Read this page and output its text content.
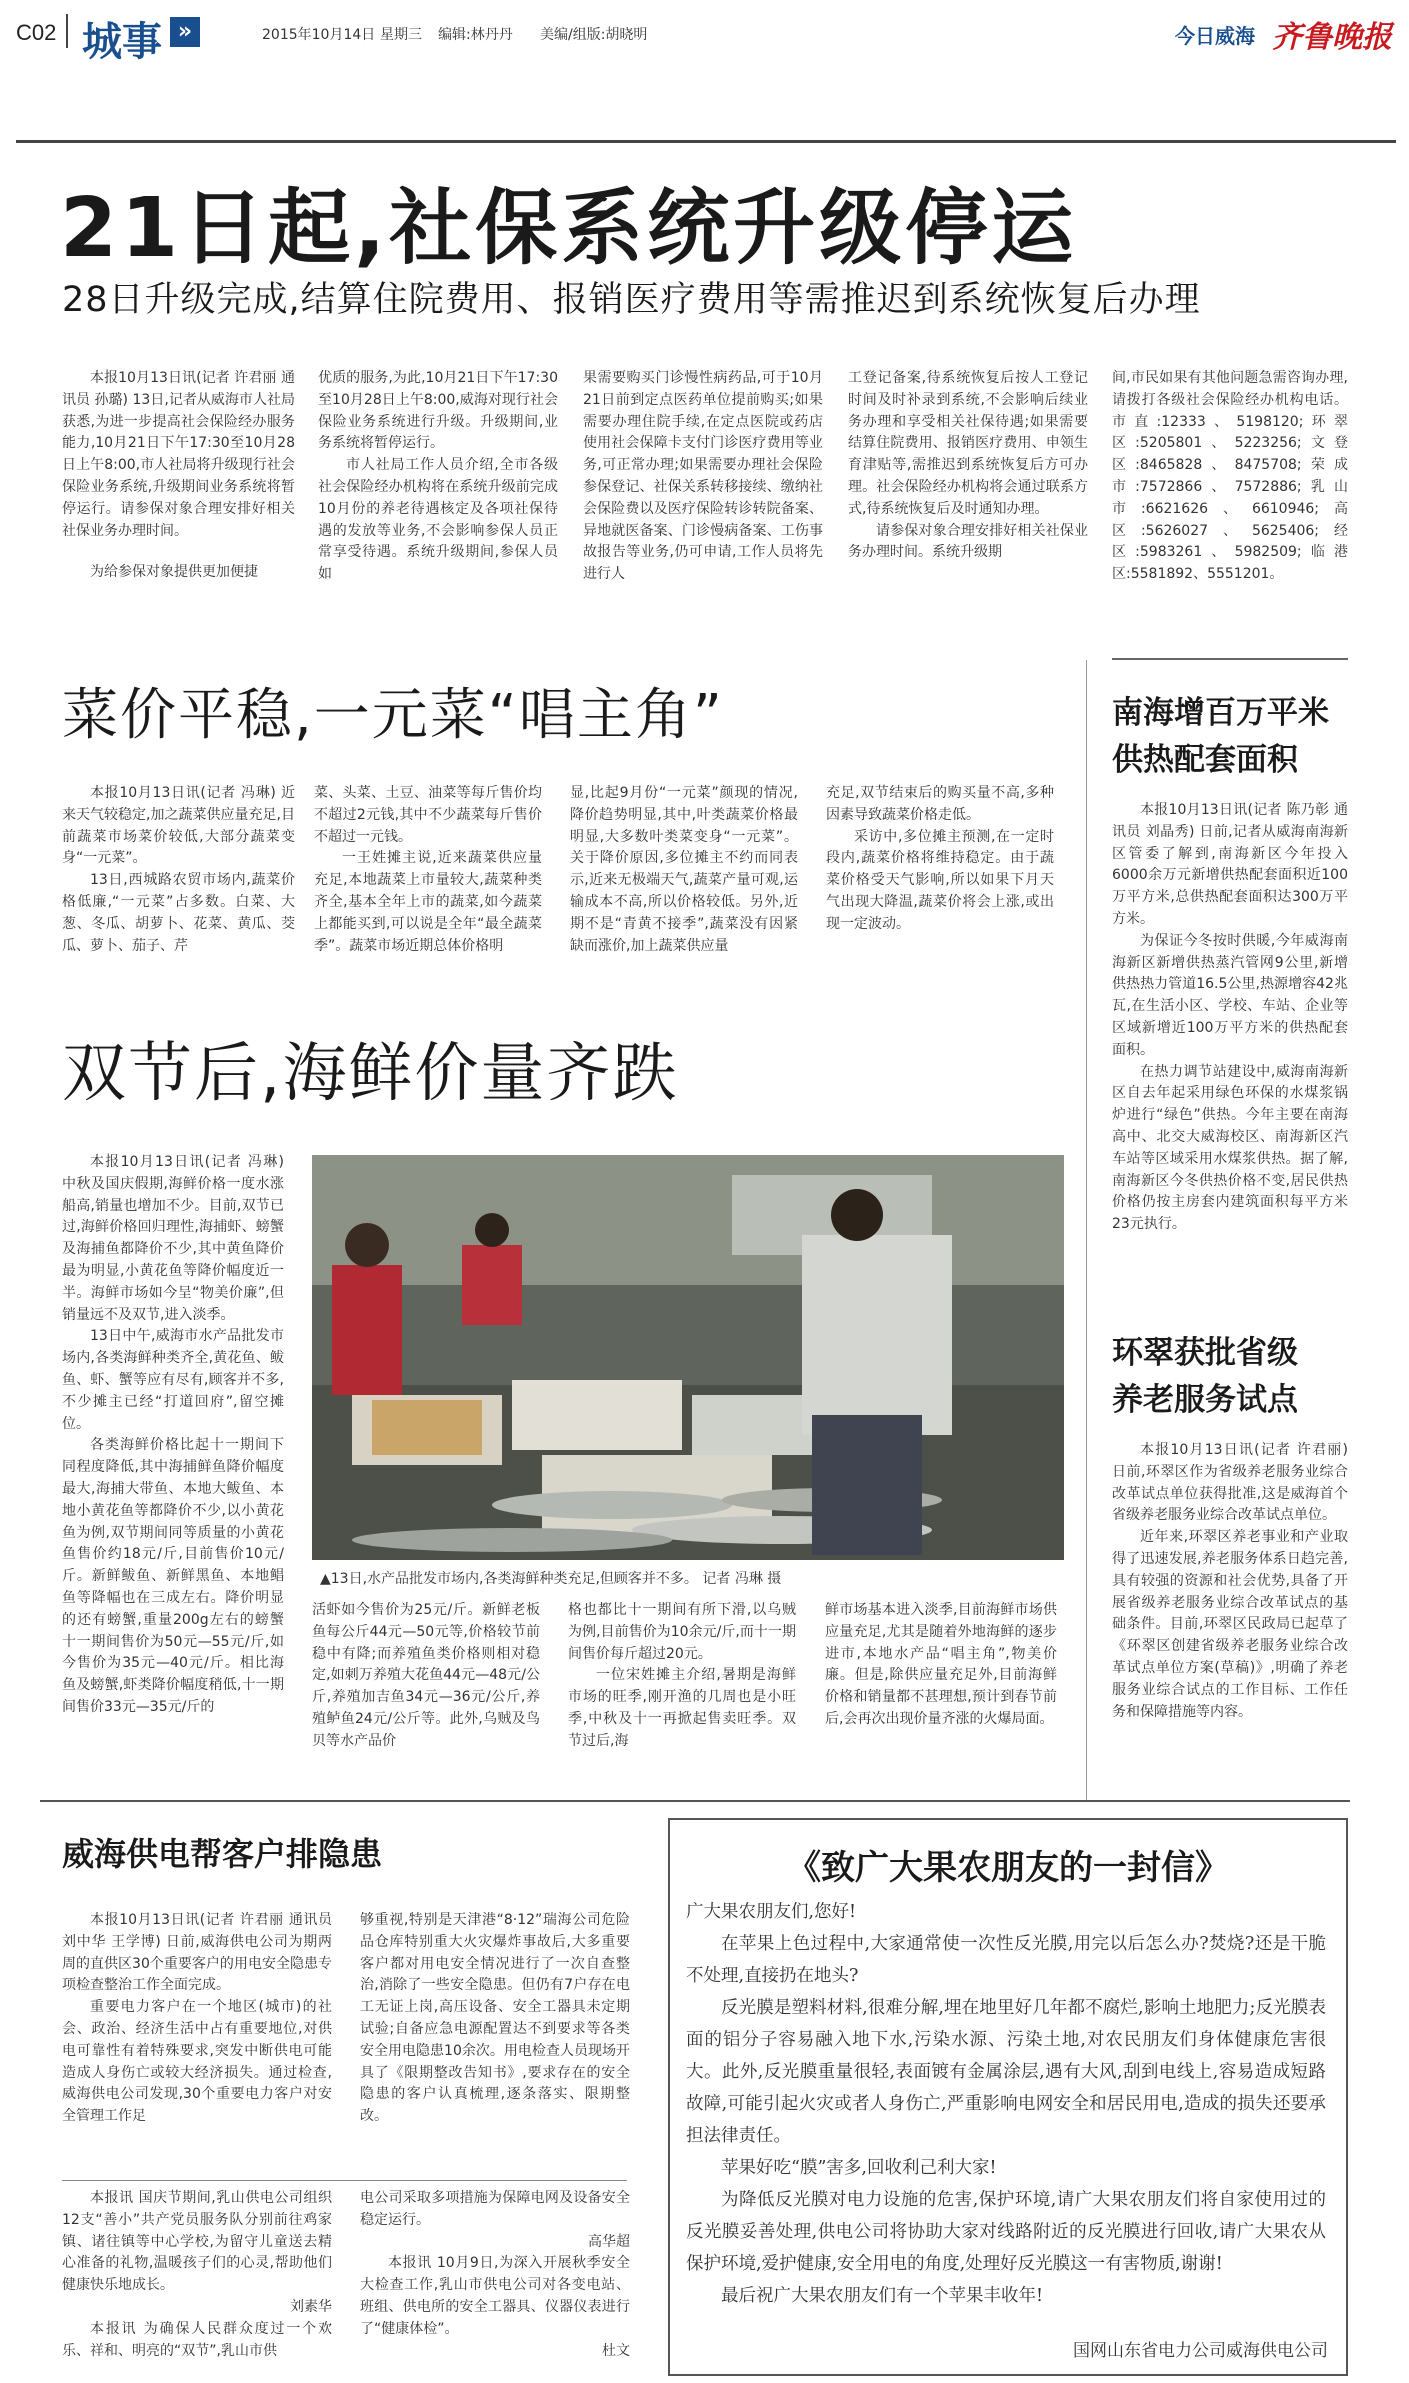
C02 城事 »	2015年10月14日 星期三 编辑:林丹丹 美编/组版:胡晓明	今日威海 齐鲁晚报
21日起,社保系统升级停运
28日升级完成,结算住院费用、报销医疗费用等需推迟到系统恢复后办理

本报10月13日讯(记者 许君丽 通讯员 孙璐) 13日,记者从威海市人社局获悉,为进一步提高社会保险经办服务能力,10月21日下午17:30至10月28日上午8:00,市人社局将升级现行社会保险业务系统,升级期间业务系统将暂停运行。请参保对象合理安排好相关社保业务办理时间。

为给参保对象提供更加便捷

优质的服务,为此,10月21日下午17:30至10月28日上午8:00,威海对现行社会保险业务系统进行升级。升级期间,业务系统将暂停运行。

市人社局工作人员介绍,全市各级社会保险经办机构将在系统升级前完成10月份的养老待遇核定及各项社保待遇的发放等业务,不会影响参保人员正常享受待遇。系统升级期间,参保人员如

果需要购买门诊慢性病药品,可于10月21日前到定点医药单位提前购买;如果需要办理住院手续,在定点医院或药店使用社会保障卡支付门诊医疗费用等业务,可正常办理;如果需要办理社会保险参保登记、社保关系转移接续、缴纳社会保险费以及医疗保险转诊转院备案、异地就医备案、门诊慢病备案、工伤事故报告等业务,仍可申请,工作人员将先进行人

工登记备案,待系统恢复后按人工登记时间及时补录到系统,不会影响后续业务办理和享受相关社保待遇;如果需要结算住院费用、报销医疗费用、申领生育津贴等,需推迟到系统恢复后方可办理。社会保险经办机构将会通过联系方式,待系统恢复后及时通知办理。

请参保对象合理安排好相关社保业务办理时间。系统升级期

间,市民如果有其他问题急需咨询办理,请拨打各级社会保险经办机构电话。市直:12333、5198120;环翠区:5205801、5223256;文登区:8465828、8475708;荣成市:7572866、7572886;乳山市:6621626、6610946;高区:5626027、5625406;经区:5983261、5982509;临港区:5581892、5551201。

菜价平稳,一元菜“唱主角”

本报10月13日讯(记者 冯琳) 近来天气较稳定,加之蔬菜供应量充足,目前蔬菜市场菜价较低,大部分蔬菜变身“一元菜”。

13日,西城路农贸市场内,蔬菜价格低廉,“一元菜”占多数。白菜、大葱、冬瓜、胡萝卜、花菜、黄瓜、茭瓜、萝卜、茄子、芹

菜、头菜、土豆、油菜等每斤售价均不超过2元钱,其中不少蔬菜每斤售价不超过一元钱。

一王姓摊主说,近来蔬菜供应量充足,本地蔬菜上市量较大,蔬菜种类齐全,基本全年上市的蔬菜,如今蔬菜上都能买到,可以说是全年“最全蔬菜季”。蔬菜市场近期总体价格明

显,比起9月份“一元菜”颜现的情况,降价趋势明显,其中,叶类蔬菜价格最明显,大多数叶类菜变身“一元菜”。关于降价原因,多位摊主不约而同表示,近来无极端天气,蔬菜产量可观,运输成本不高,所以价格较低。另外,近期不是“青黄不接季”,蔬菜没有因紧缺而涨价,加上蔬菜供应量

充足,双节结束后的购买量不高,多种因素导致蔬菜价格走低。

采访中,多位摊主预测,在一定时段内,蔬菜价格将维持稳定。由于蔬菜价格受天气影响,所以如果下月天气出现大降温,蔬菜价将会上涨,或出现一定波动。

南海增百万平米供热配套面积

本报10月13日讯(记者 陈乃彰 通讯员 刘晶秀) 日前,记者从威海南海新区管委了解到,南海新区今年投入6000余万元新增供热配套面积近100万平方米,总供热配套面积达300万平方米。

为保证今冬按时供暖,今年威海南海新区新增供热蒸汽管网9公里,新增供热热力管道16.5公里,热源增容42兆瓦,在生活小区、学校、车站、企业等区域新增近100万平方米的供热配套面积。

在热力调节站建设中,威海南海新区自去年起采用绿色环保的水煤浆锅炉进行“绿色”供热。今年主要在南海高中、北交大威海校区、南海新区汽车站等区域采用水煤浆供热。据了解,南海新区今冬供热价格不变,居民供热价格仍按主房套内建筑面积每平方米23元执行。

环翠获批省级养老服务试点

本报10月13日讯(记者 许君丽) 日前,环翠区作为省级养老服务业综合改革试点单位获得批准,这是威海首个省级养老服务业综合改革试点单位。

近年来,环翠区养老事业和产业取得了迅速发展,养老服务体系日趋完善,具有较强的资源和社会优势,具备了开展省级养老服务业综合改革试点的基础条件。目前,环翠区民政局已起草了《环翠区创建省级养老服务业综合改革试点单位方案(草稿)》,明确了养老服务业综合试点的工作目标、工作任务和保障措施等内容。

双节后,海鲜价量齐跌

本报10月13日讯(记者 冯琳) 中秋及国庆假期,海鲜价格一度水涨船高,销量也增加不少。目前,双节已过,海鲜价格回归理性,海捕虾、螃蟹及海捕鱼都降价不少,其中黄鱼降价最为明显,小黄花鱼等降价幅度近一半。海鲜市场如今呈“物美价廉”,但销量远不及双节,进入淡季。

13日中午,威海市水产品批发市场内,各类海鲜种类齐全,黄花鱼、鲅鱼、虾、蟹等应有尽有,顾客并不多,不少摊主已经“打道回府”,留空摊位。

各类海鲜价格比起十一期间下同程度降低,其中海捕鲜鱼降价幅度最大,海捕大带鱼、本地大鲅鱼、本地小黄花鱼等都降价不少,以小黄花鱼为例,双节期间同等质量的小黄花鱼售价约18元/斤,目前售价10元/斤。新鲜鲅鱼、新鲜黑鱼、本地鲳鱼等降幅也在三成左右。降价明显的还有螃蟹,重量200g左右的螃蟹十一期间售价为50元—55元/斤,如今售价为35元—40元/斤。相比海鱼及螃蟹,虾类降价幅度稍低,十一期间售价33元—35元/斤的

▲13日,水产品批发市场内,各类海鲜种类充足,但顾客并不多。 记者 冯琳 摄

活虾如今售价为25元/斤。新鲜老板鱼每公斤44元—50元等,价格较节前稳中有降;而养殖鱼类价格则相对稳定,如刺万养殖大花鱼44元—48元/公斤,养殖加吉鱼34元—36元/公斤,养殖鲈鱼24元/公斤等。此外,乌贼及鸟贝等水产品价

格也都比十一期间有所下滑,以乌贼为例,目前售价为10余元/斤,而十一期间售价每斤超过20元。

一位宋姓摊主介绍,暑期是海鲜市场的旺季,刚开渔的几周也是小旺季,中秋及十一再掀起售卖旺季。双节过后,海

鲜市场基本进入淡季,目前海鲜市场供应量充足,尤其是随着外地海鲜的逐步进市,本地水产品“唱主角”,物美价廉。但是,除供应量充足外,目前海鲜价格和销量都不甚理想,预计到春节前后,会再次出现价量齐涨的火爆局面。

威海供电帮客户排隐患

本报10月13日讯(记者 许君丽 通讯员 刘中华 王学博) 日前,威海供电公司为期两周的直供区30个重要客户的用电安全隐患专项检查整治工作全面完成。

重要电力客户在一个地区(城市)的社会、政治、经济生活中占有重要地位,对供电可靠性有着特殊要求,突发中断供电可能造成人身伤亡或较大经济损失。通过检查,威海供电公司发现,30个重要电力客户对安全管理工作足

够重视,特别是天津港“8·12”瑞海公司危险品仓库特别重大火灾爆炸事故后,大多重要客户都对用电安全情况进行了一次自查整治,消除了一些安全隐患。但仍有7户存在电工无证上岗,高压设备、安全工器具未定期试验;自备应急电源配置达不到要求等各类安全用电隐患10余次。用电检查人员现场开具了《限期整改告知书》,要求存在的安全隐患的客户认真梳理,逐条落实、限期整改。

本报讯 国庆节期间,乳山供电公司组织12支“善小”共产党员服务队分别前往鸡家镇、诸往镇等中心学校,为留守儿童送去精心准备的礼物,温暖孩子们的心灵,帮助他们健康快乐地成长。

刘素华

本报讯 为确保人民群众度过一个欢乐、祥和、明亮的“双节”,乳山市供

电公司采取多项措施为保障电网及设备安全稳定运行。

高华超

本报讯 10月9日,为深入开展秋季安全大检查工作,乳山市供电公司对各变电站、班组、供电所的安全工器具、仪器仪表进行了“健康体检”。

杜文
《致广大果农朋友的一封信》
广大果农朋友们,您好!

在苹果上色过程中,大家通常使一次性反光膜,用完以后怎么办?焚烧?还是干脆不处理,直接扔在地头?

反光膜是塑料材料,很难分解,埋在地里好几年都不腐烂,影响土地肥力;反光膜表面的铝分子容易融入地下水,污染水源、污染土地,对农民朋友们身体健康危害很大。此外,反光膜重量很轻,表面镀有金属涂层,遇有大风,刮到电线上,容易造成短路故障,可能引起火灾或者人身伤亡,严重影响电网安全和居民用电,造成的损失还要承担法律责任。

苹果好吃“膜”害多,回收利己利大家!

为降低反光膜对电力设施的危害,保护环境,请广大果农朋友们将自家使用过的反光膜妥善处理,供电公司将协助大家对线路附近的反光膜进行回收,请广大果农从保护环境,爱护健康,安全用电的角度,处理好反光膜这一有害物质,谢谢!

最后祝广大果农朋友们有一个苹果丰收年!

国网山东省电力公司威海供电公司
